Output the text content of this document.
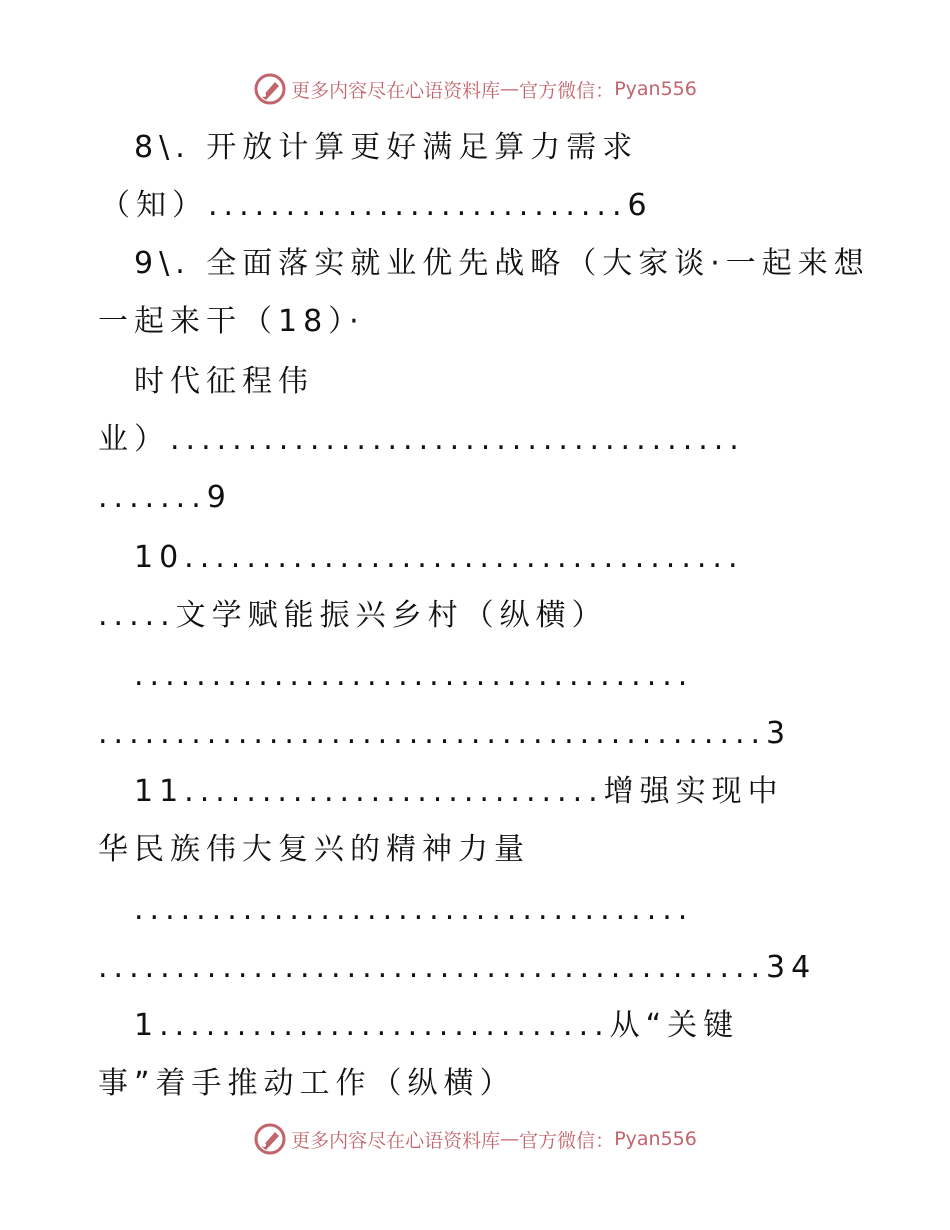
更多内容尽在心语资料库 — 官方微信： Pyan556
8\. 开放计算更好满足算力需求
（知）...........................6
9\. 全面落实就业优先战略（大家谈·一起来想
一起来干（18）·
时代征程伟
业）.....................................
.......9
10....................................
.....文学赋能振兴乡村（纵横）
....................................
...........................................3
11...........................增强实现中
华民族伟大复兴的精神力量
....................................
...........................................34
1.............................从“关键
事”着手推动工作（纵横）
更多内容尽在心语资料库 — 官方微信： Pyan556
